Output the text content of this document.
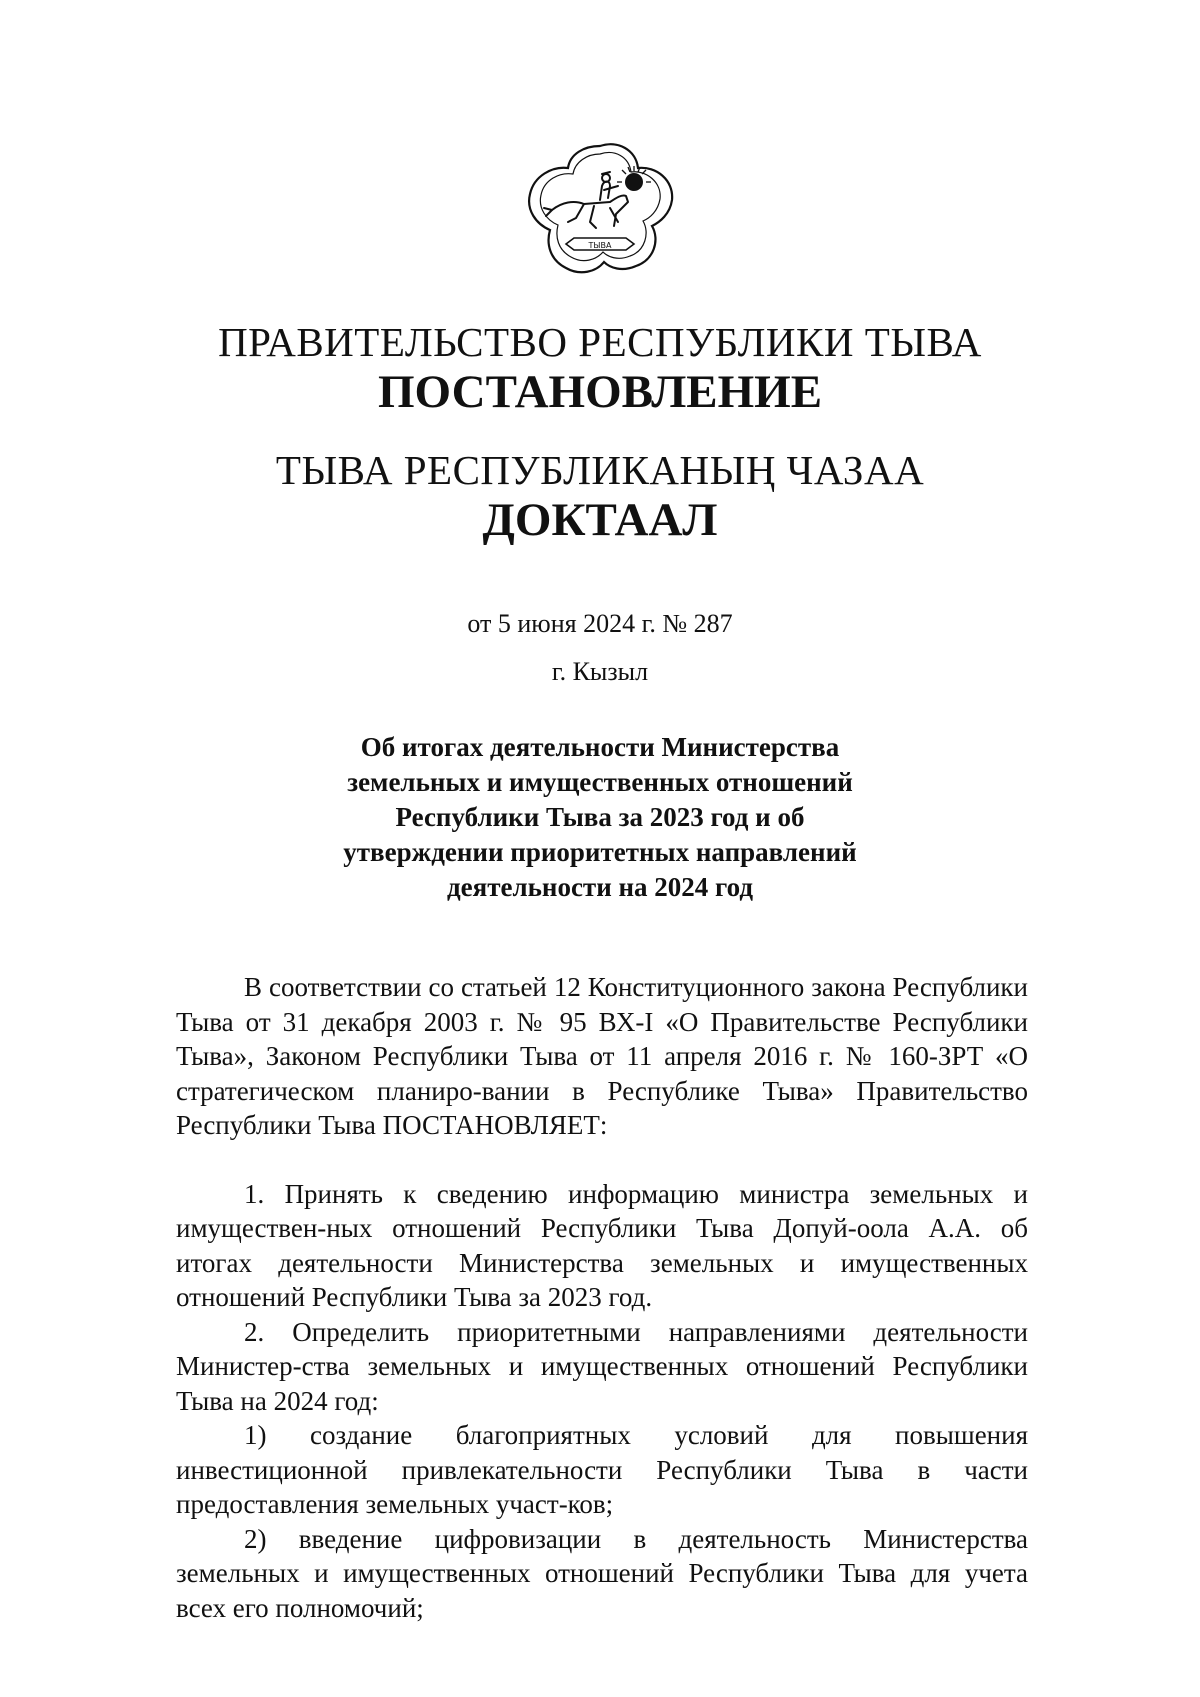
ТЫВА
ПРАВИТЕЛЬСТВО РЕСПУБЛИКИ ТЫВА
ПОСТАНОВЛЕНИЕ
ТЫВА РЕСПУБЛИКАНЫҢ ЧАЗАА
ДОКТААЛ
от 5 июня 2024 г. № 287
г. Кызыл
Об итогах деятельности Министерства
земельных и имущественных отношений
Республики Тыва за 2023 год и об
утверждении приоритетных направлений
деятельности на 2024 год

В соответствии со статьей 12 Конституционного закона Республики Тыва от 31 декабря 2003 г. № 95 ВХ-I «О Правительстве Республики Тыва», Законом Республики Тыва от 11 апреля 2016 г. № 160-ЗРТ «О стратегическом планиро-вании в Республике Тыва» Правительство Республики Тыва ПОСТАНОВЛЯЕТ:

1. Принять к сведению информацию министра земельных и имуществен-ных отношений Республики Тыва Допуй-оола А.А. об итогах деятельности Министерства земельных и имущественных отношений Республики Тыва за 2023 год.

2. Определить приоритетными направлениями деятельности Министер-ства земельных и имущественных отношений Республики Тыва на 2024 год:

1) создание благоприятных условий для повышения инвестиционной привлекательности Республики Тыва в части предоставления земельных участ-ков;

2) введение цифровизации в деятельность Министерства земельных и имущественных отношений Республики Тыва для учета всех его полномочий;
